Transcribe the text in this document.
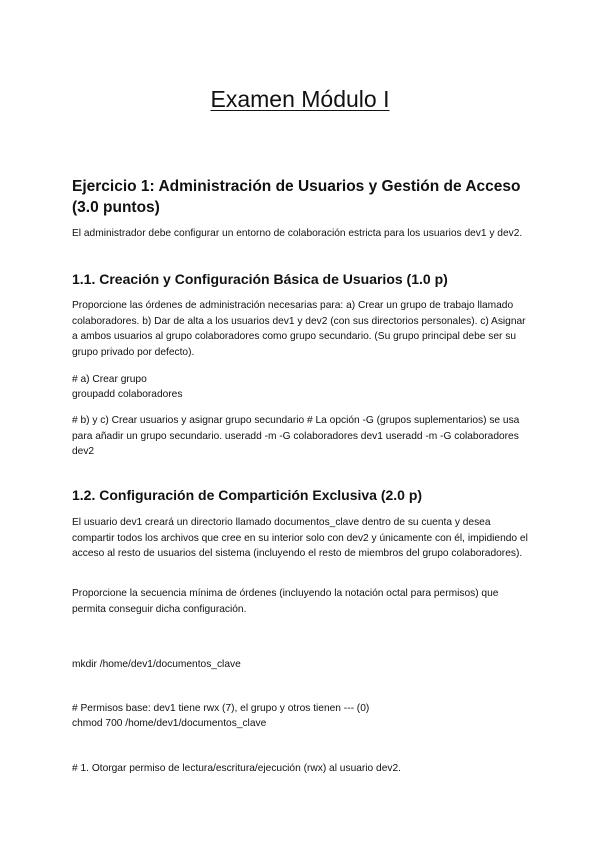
Examen Módulo I
Ejercicio 1: Administración de Usuarios y Gestión de Acceso (3.0 puntos)

El administrador debe configurar un entorno de colaboración estricta para los usuarios dev1 y dev2.

1.1. Creación y Configuración Básica de Usuarios (1.0 p)

Proporcione las órdenes de administración necesarias para: a) Crear un grupo de trabajo llamado colaboradores. b) Dar de alta a los usuarios dev1 y dev2 (con sus directorios personales). c) Asignar a ambos usuarios al grupo colaboradores como grupo secundario. (Su grupo principal debe ser su grupo privado por defecto).

# a) Crear grupo

groupadd colaboradores

# b) y c) Crear usuarios y asignar grupo secundario # La opción -G (grupos suplementarios) se usa para añadir un grupo secundario. useradd -m -G colaboradores dev1 useradd -m -G colaboradores dev2

1.2. Configuración de Compartición Exclusiva (2.0 p)

El usuario dev1 creará un directorio llamado documentos_clave dentro de su cuenta y desea compartir todos los archivos que cree en su interior solo con dev2 y únicamente con él, impidiendo el acceso al resto de usuarios del sistema (incluyendo el resto de miembros del grupo colaboradores).

Proporcione la secuencia mínima de órdenes (incluyendo la notación octal para permisos) que permita conseguir dicha configuración.

mkdir /home/dev1/documentos_clave

# Permisos base: dev1 tiene rwx (7), el grupo y otros tienen --- (0)

chmod 700 /home/dev1/documentos_clave

# 1. Otorgar permiso de lectura/escritura/ejecución (rwx) al usuario dev2.
